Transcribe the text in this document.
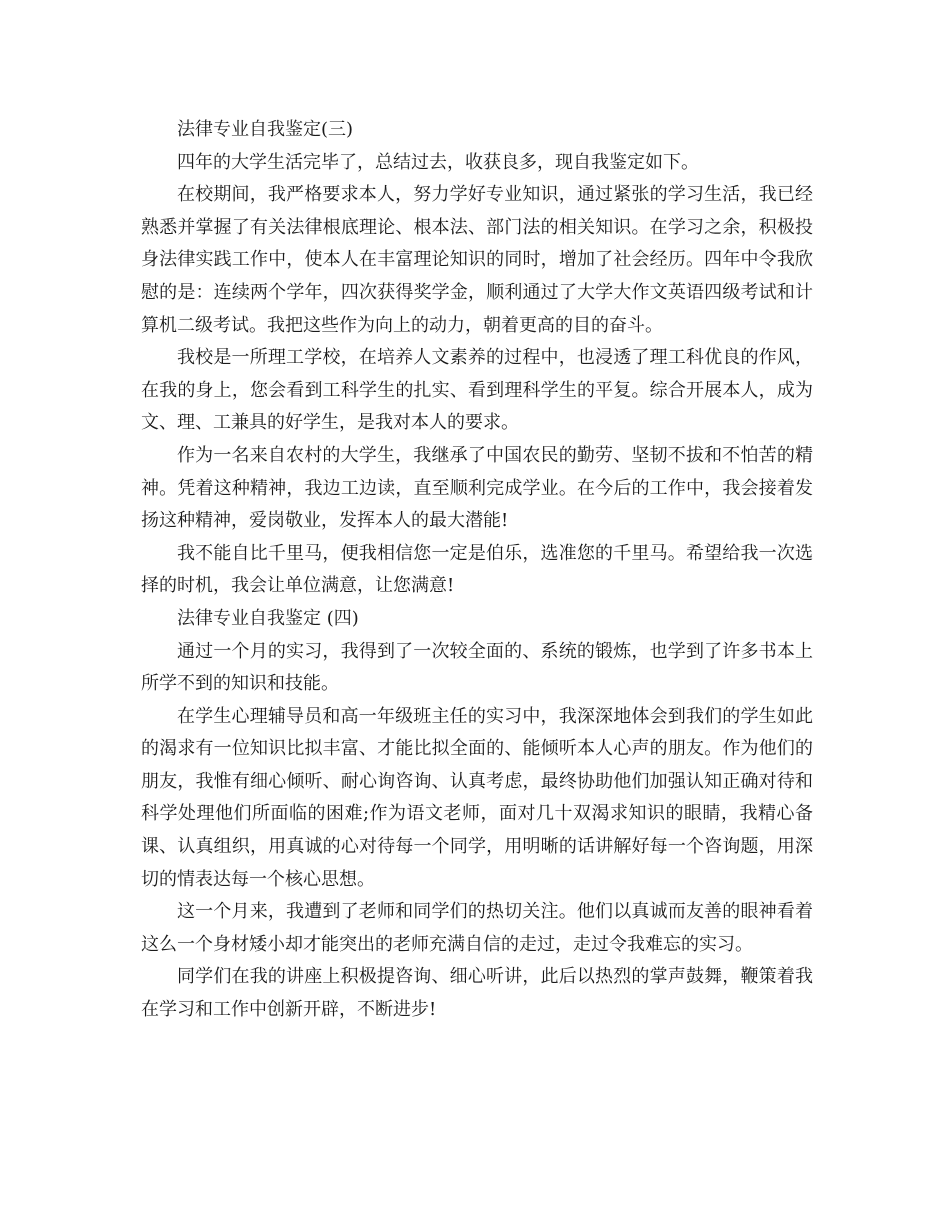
法律专业自我鉴定(三)

四年的大学生活完毕了，总结过去，收获良多，现自我鉴定如下。

在校期间，我严格要求本人，努力学好专业知识，通过紧张的学习生活，我已经熟悉并掌握了有关法律根底理论、根本法、部门法的相关知识。在学习之余，积极投身法律实践工作中，使本人在丰富理论知识的同时，增加了社会经历。四年中令我欣慰的是：连续两个学年，四次获得奖学金，顺利通过了大学大作文英语四级考试和计算机二级考试。我把这些作为向上的动力，朝着更高的目的奋斗。

我校是一所理工学校，在培养人文素养的过程中，也浸透了理工科优良的作风，在我的身上，您会看到工科学生的扎实、看到理科学生的平复。综合开展本人，成为文、理、工兼具的好学生，是我对本人的要求。

作为一名来自农村的大学生，我继承了中国农民的勤劳、坚韧不拔和不怕苦的精神。凭着这种精神，我边工边读，直至顺利完成学业。在今后的工作中，我会接着发扬这种精神，爱岗敬业，发挥本人的最大潜能!

我不能自比千里马，便我相信您一定是伯乐，选准您的千里马。希望给我一次选择的时机，我会让单位满意，让您满意!

法律专业自我鉴定 (四)

通过一个月的实习，我得到了一次较全面的、系统的锻炼，也学到了许多书本上所学不到的知识和技能。

在学生心理辅导员和高一年级班主任的实习中，我深深地体会到我们的学生如此的渴求有一位知识比拟丰富、才能比拟全面的、能倾听本人心声的朋友。作为他们的朋友，我惟有细心倾听、耐心询咨询、认真考虑，最终协助他们加强认知正确对待和科学处理他们所面临的困难;作为语文老师，面对几十双渴求知识的眼睛，我精心备课、认真组织，用真诚的心对待每一个同学，用明晰的话讲解好每一个咨询题，用深切的情表达每一个核心思想。

这一个月来，我遭到了老师和同学们的热切关注。他们以真诚而友善的眼神看着这么一个身材矮小却才能突出的老师充满自信的走过，走过令我难忘的实习。

同学们在我的讲座上积极提咨询、细心听讲，此后以热烈的掌声鼓舞，鞭策着我在学习和工作中创新开辟，不断进步!
